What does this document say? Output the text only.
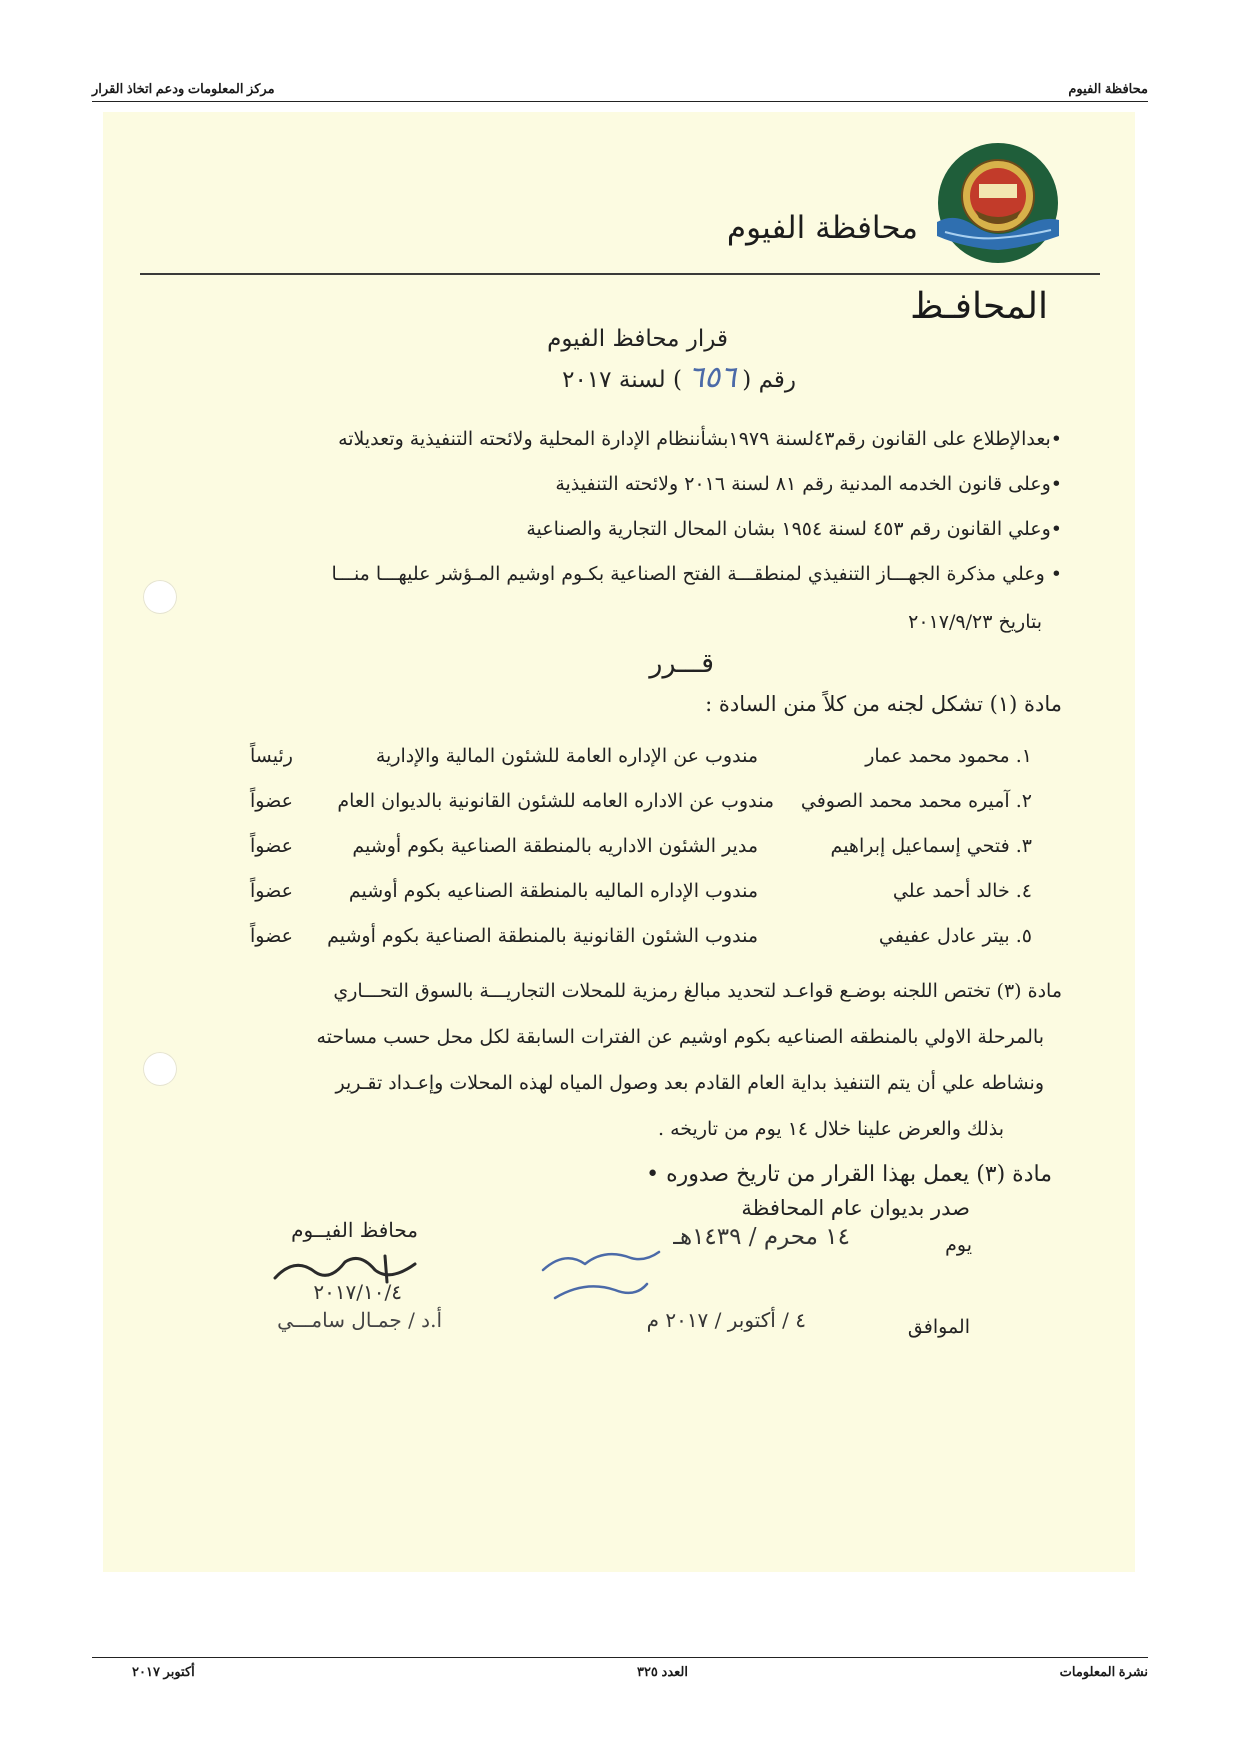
محافظة الفيوم
مركز المعلومات ودعم اتخاذ القرار
محافظة الفيوم
المحافـظ
قرار محافظ الفيوم
رقم (٦٥٦) لسنة ٢٠١٧
•بعدالإطلاع على القانون رقم٤٣لسنة ١٩٧٩بشأننظام الإدارة المحلية ولائحته التنفيذية وتعديلاته
•وعلى قانون الخدمه المدنية رقم ٨١ لسنة ٢٠١٦ ولائحته التنفيذية
•وعلي القانون رقم ٤٥٣ لسنة ١٩٥٤ بشان المحال التجارية والصناعية
• وعلي مذكرة الجهـــاز التنفيذي لمنطقـــة الفتح الصناعية بكـوم اوشيم المـؤشر عليهـــا منـــا
بتاريخ ٢٠١٧/٩/٢٣
قـــرر
مادة (١) تشكل لجنه من كلاً منن السادة :
١. محمود محمد عمار
مندوب عن الإداره العامة للشئون المالية والإدارية
رئيساً
٢. آميره محمد محمد الصوفي
مندوب عن الاداره العامه للشئون القانونية بالديوان العام
عضواً
٣. فتحي إسماعيل إبراهيم
مدير الشئون الاداريه بالمنطقة الصناعية بكوم أوشيم
عضواً
٤. خالد أحمد علي
مندوب الإداره الماليه بالمنطقة الصناعيه بكوم أوشيم
عضواً
٥. بيتر عادل عفيفي
مندوب الشئون القانونية بالمنطقة الصناعية بكوم أوشيم
عضواً
مادة (٣) تختص اللجنه بوضـع قواعـد لتحديد مبالغ رمزية للمحلات التجاريـــة بالسوق التحـــاري
بالمرحلة الاولي بالمنطقه الصناعيه بكوم اوشيم عن الفترات السابقة لكل محل حسب مساحته
ونشاطه علي أن يتم التنفيذ بداية العام القادم بعد وصول المياه لهذه المحلات وإعـداد تقـرير
بذلك والعرض علينا خلال ١٤ يوم من تاريخه .
مادة (٣) يعمل بهذا القرار من تاريخ صدوره •
صدر بديوان عام المحافظة
يوم
١٤ محرم / ١٤٣٩هـ
الموافق
٤ / أكتوبر / ٢٠١٧ م
محافظ الفيــوم
٢٠١٧/١٠/٤
أ.د / جمـال سامـــي
نشرة المعلومات
العدد ٣٢٥
أكتوبر ٢٠١٧
